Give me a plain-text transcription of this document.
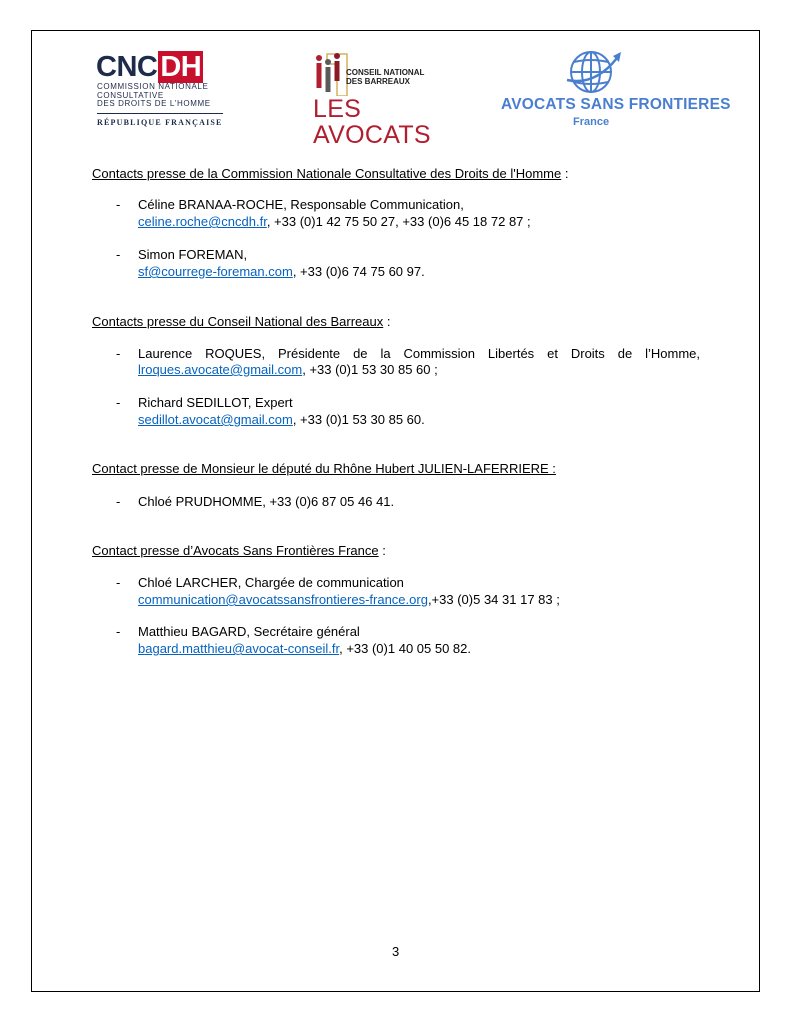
CNC DH
COMMISSION NATIONALE
CONSULTATIVE
DES DROITS DE L'HOMME
RÉPUBLIQUE FRANÇAISE
CONSEIL NATIONAL
DES BARREAUX
LES AVOCATS
AVOCATS SANS FRONTIERES
France
Contacts presse de la Commission Nationale Consultative des Droits de l'Homme :
- Céline BRANAA-ROCHE, Responsable Communication,
celine.roche@cncdh.fr, +33 (0)1 42 75 50 27, +33 (0)6 45 18 72 87 ;
- Simon FOREMAN,
sf@courrege-foreman.com, +33 (0)6 74 75 60 97.
Contacts presse du Conseil National des Barreaux :
- Laurence ROQUES, Présidente de la Commission Libertés et Droits de l’Homme,
lroques.avocate@gmail.com, +33 (0)1 53 30 85 60 ;
- Richard SEDILLOT, Expert
sedillot.avocat@gmail.com, +33 (0)1 53 30 85 60.
Contact presse de Monsieur le député du Rhône Hubert JULIEN-LAFERRIERE :
- Chloé PRUDHOMME, +33 (0)6 87 05 46 41.
Contact presse d’Avocats Sans Frontières France :
- Chloé LARCHER, Chargée de communication
communication@avocatssansfrontieres-france.org,+33 (0)5 34 31 17 83 ;
- Matthieu BAGARD, Secrétaire général
bagard.matthieu@avocat-conseil.fr, +33 (0)1 40 05 50 82.
3
